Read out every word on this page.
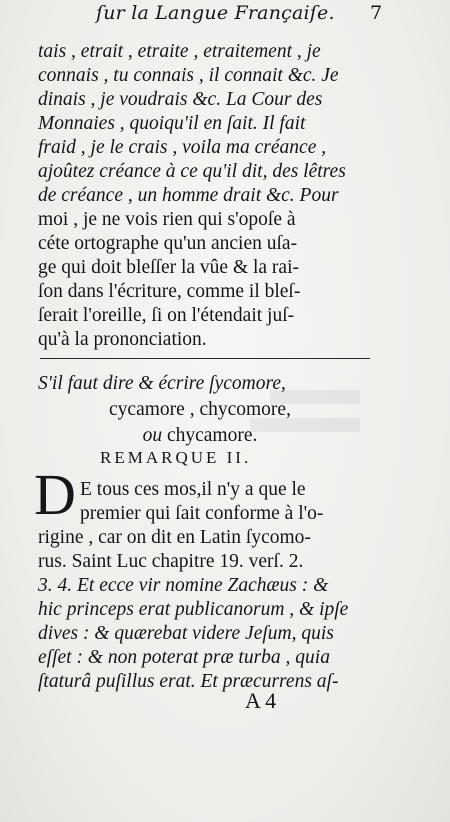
ſur la Langue Françaiſe.	7
tais , etrait , etraite , etraitement , je
connais , tu connais , il connait &c. Je
dinais , je voudrais &c. La Cour des
Monnaies , quoiqu'il en ſait. Il fait
fraid , je le crais , voila ma créance ,
ajoûtez créance à ce qu'il dit, des lêtres
de créance , un homme drait &c. Pour
moi , je ne vois rien qui s'opoſe à
céte ortographe qu'un ancien uſa-
ge qui doit bleſſer la vûe & la rai-
ſon dans l'écriture, comme il bleſ-
ſerait l'oreille, ſi on l'étendait juſ-
qu'à la prononciation.
S'il faut dire & écrire ſycomore,
cycamore , chycomore,
ou chycamore.
REMARQUE II.
D E tous ces mos,il n'y a que le
premier qui ſait conforme à l'o-
rigine , car on dit en Latin ſycomo-
rus. Saint Luc chapitre 19. verſ. 2.
3. 4. Et ecce vir nomine Zachæus : &
hic princeps erat publicanorum , & ipſe
dives : & quærebat videre Jeſum, quis
eſſet : & non poterat præ turba , quia
ſtaturâ puſillus erat. Et præcurrens aſ-
A 4
